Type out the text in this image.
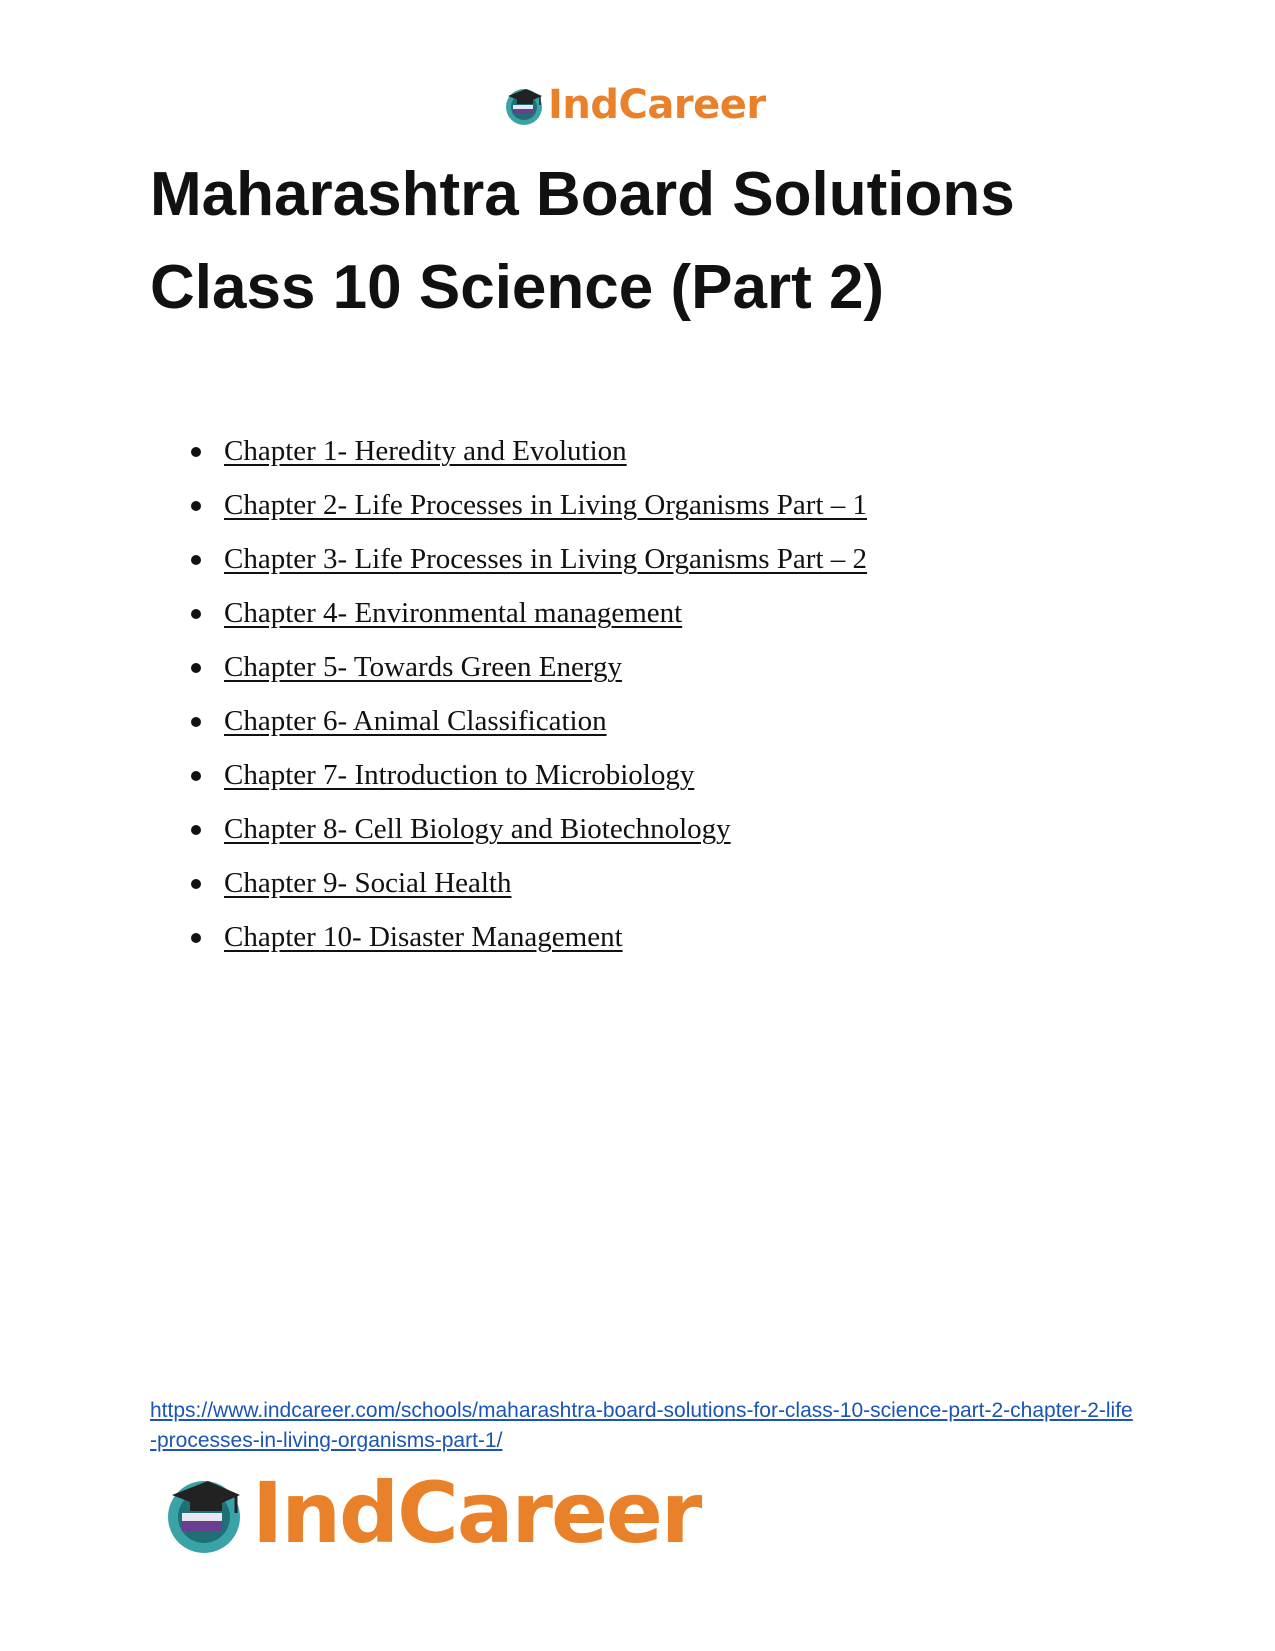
IndCareer
Maharashtra Board Solutions
Class 10 Science (Part 2)
Chapter 1- Heredity and Evolution
Chapter 2- Life Processes in Living Organisms Part – 1
Chapter 3- Life Processes in Living Organisms Part – 2
Chapter 4- Environmental management
Chapter 5- Towards Green Energy
Chapter 6- Animal Classification
Chapter 7- Introduction to Microbiology
Chapter 8- Cell Biology and Biotechnology
Chapter 9- Social Health
Chapter 10- Disaster Management
https://www.indcareer.com/schools/maharashtra-board-solutions-for-class-10-science-part-2-chapter-2-life-processes-in-living-organisms-part-1/
IndCareer
